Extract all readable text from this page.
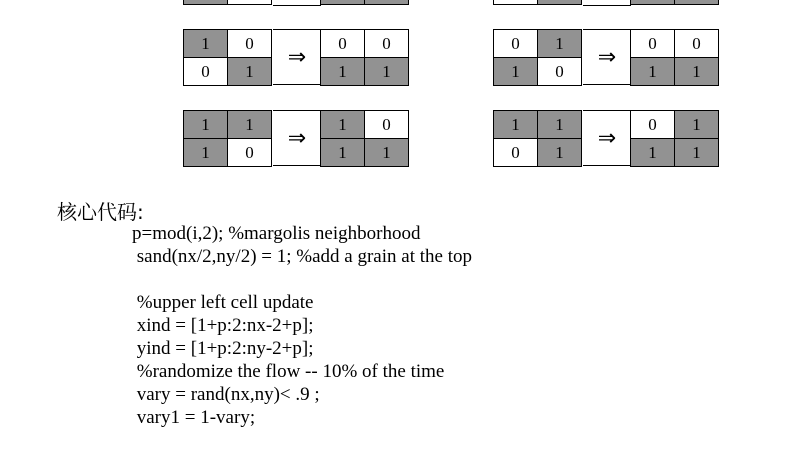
1	0
0	1
⇒
0	0
1	1
0	1
1	0
⇒
0	0
1	1
1	1
1	0
⇒
1	0
1	1
1	1
0	1
⇒
0	1
1	1
核心代码:
p=mod(i,2); %margolis neighborhood
sand(nx/2,ny/2) = 1; %add a grain at the top
%upper left cell update
xind = [1+p:2:nx-2+p];
yind = [1+p:2:ny-2+p];
%randomize the flow -- 10% of the time
vary = rand(nx,ny)< .9 ;
vary1 = 1-vary;
